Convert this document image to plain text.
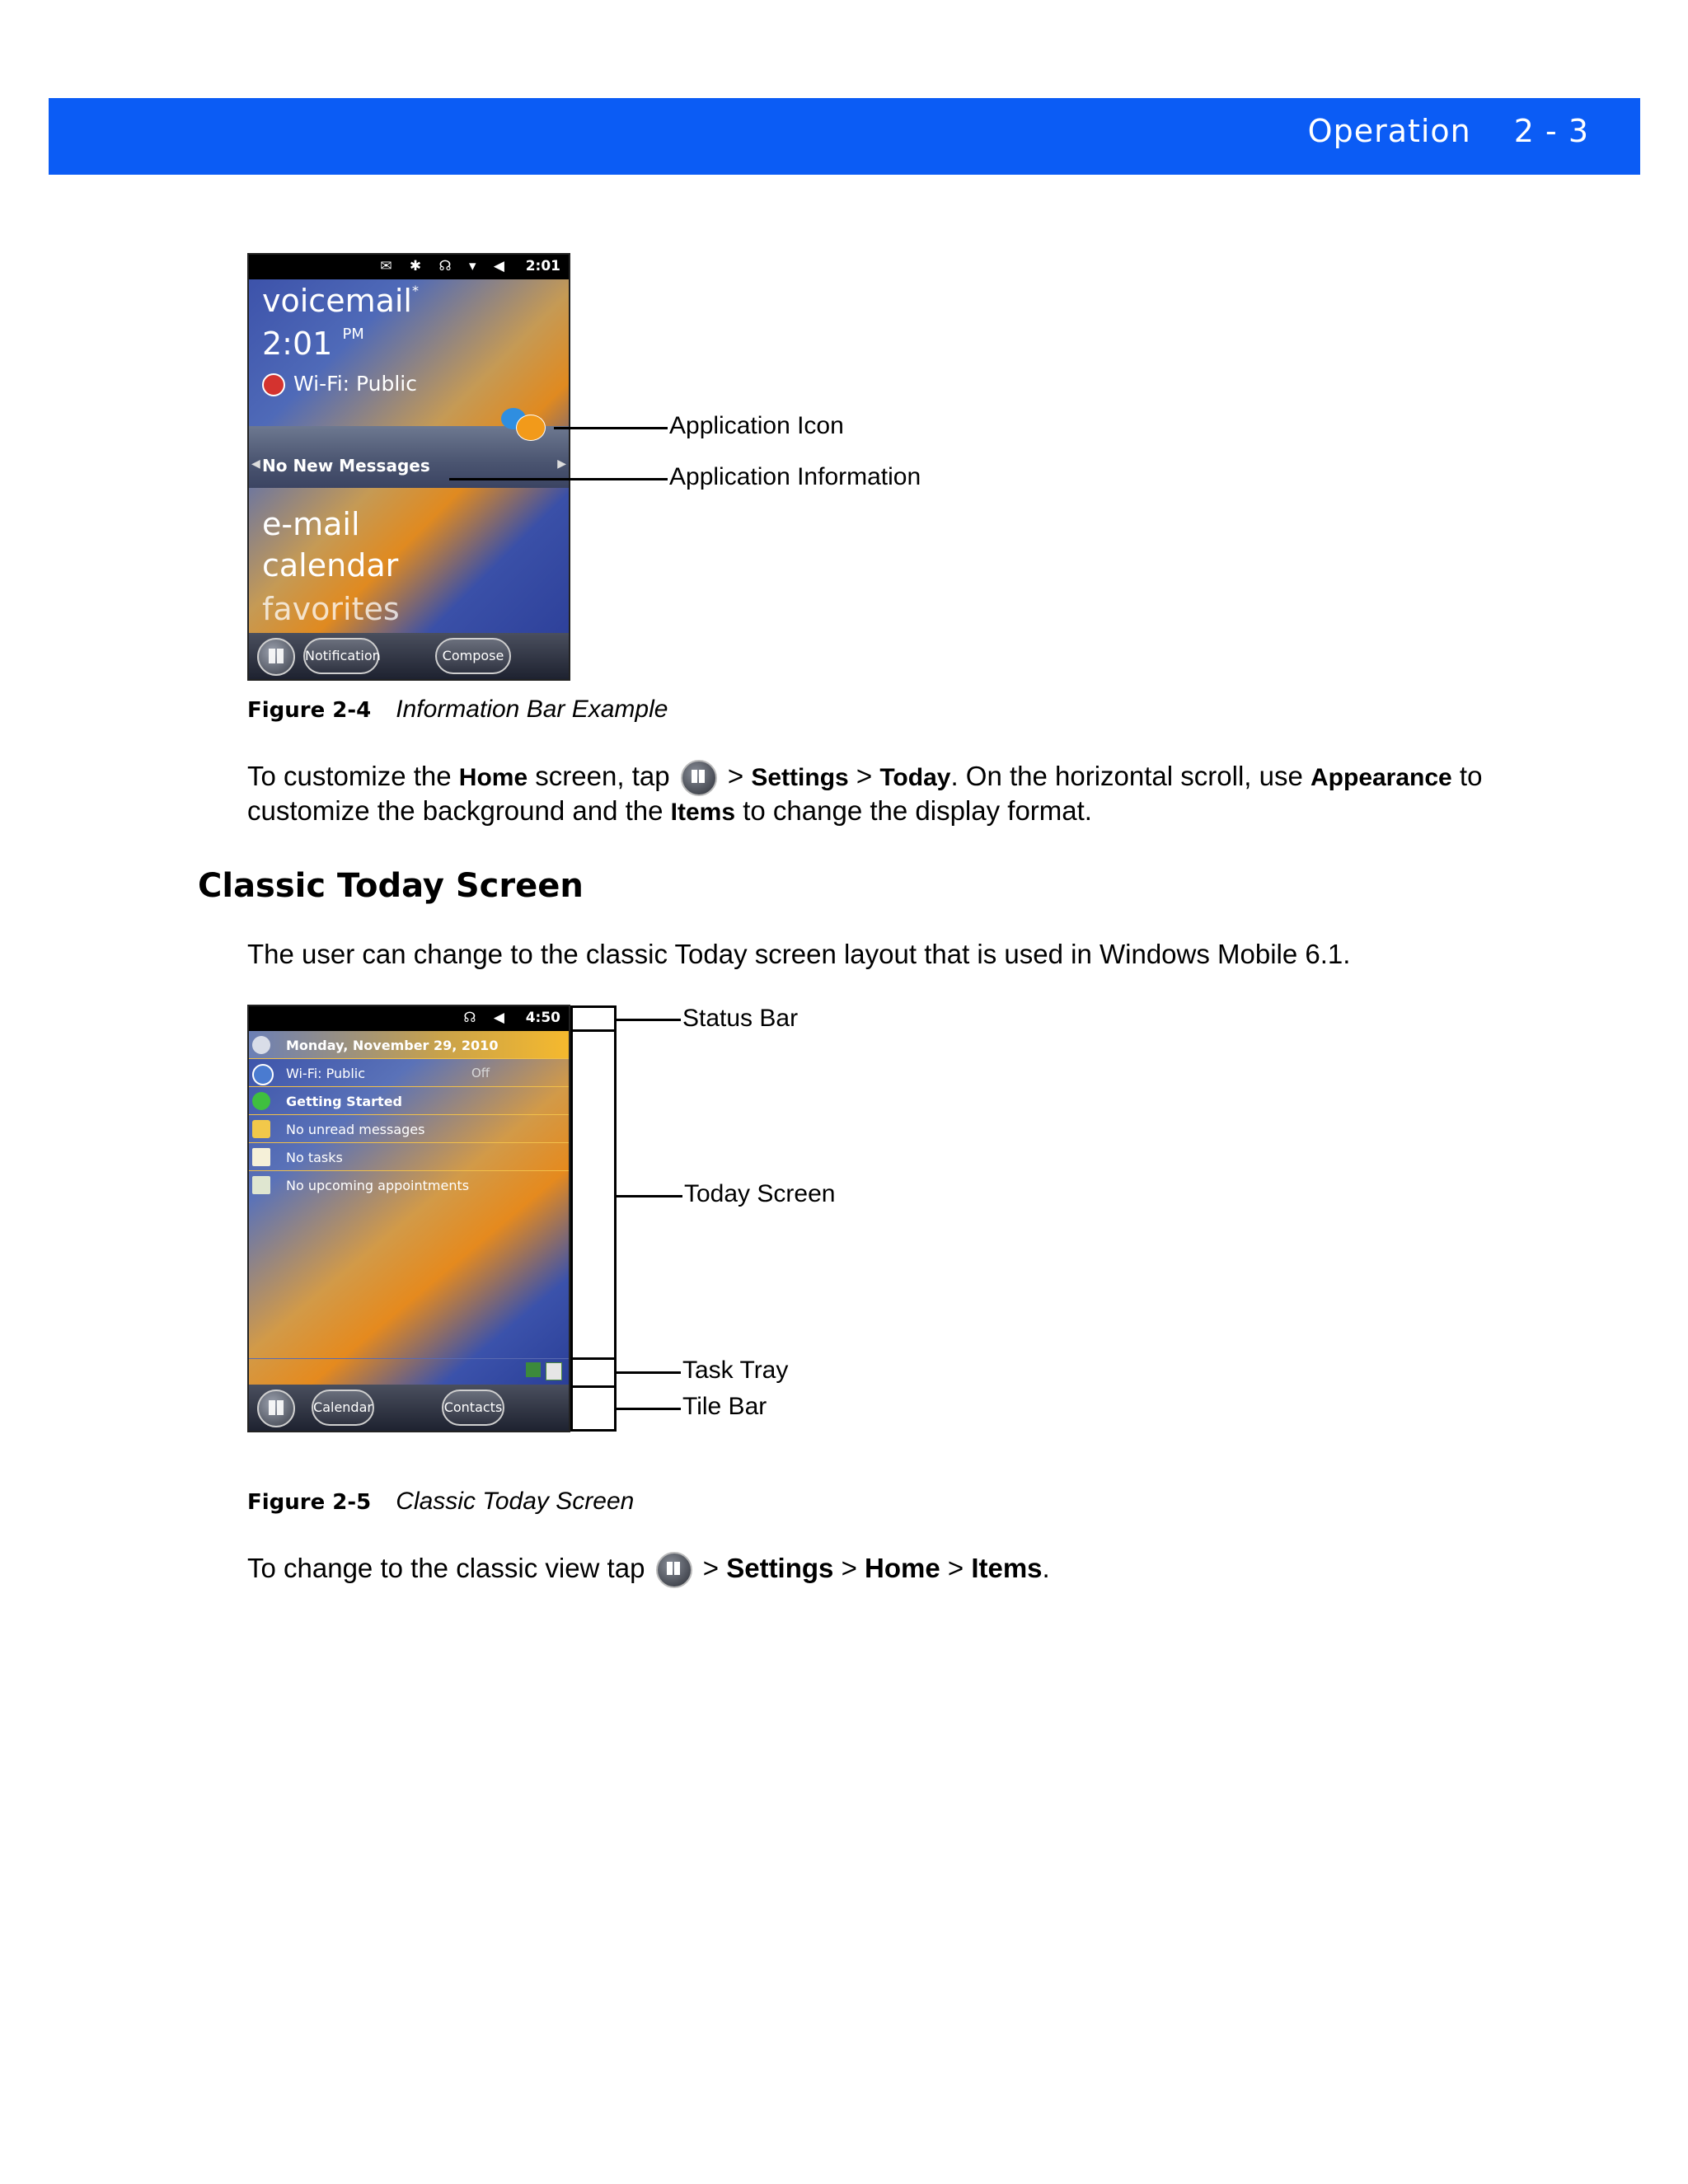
Operation 2 - 3
✉ ✱ ☊ ▾ ◀ 2:01
voicemail*
2:01 $^{PM}$
Wi-Fi: Public
◀ No New Messages	▶
e-mail
calendar
favorites
Notification	Compose
Application Icon
Application Information
Figure 2-4 Information Bar Example
To customize the Home screen, tap  > Settings > Today. On the horizontal scroll, use Appearance to
customize the background and the Items to change the display format.
Classic Today Screen
The user can change to the classic Today screen layout that is used in Windows Mobile 6.1.
☊ ◀ 4:50
Monday, November 29, 2010
Wi-Fi: Public	Off
Getting Started
No unread messages
No tasks
No upcoming appointments
Calendar	Contacts
Status Bar
Today Screen
Task Tray
Tile Bar
Figure 2-5 Classic Today Screen
To change to the classic view tap  > Settings > Home > Items.
